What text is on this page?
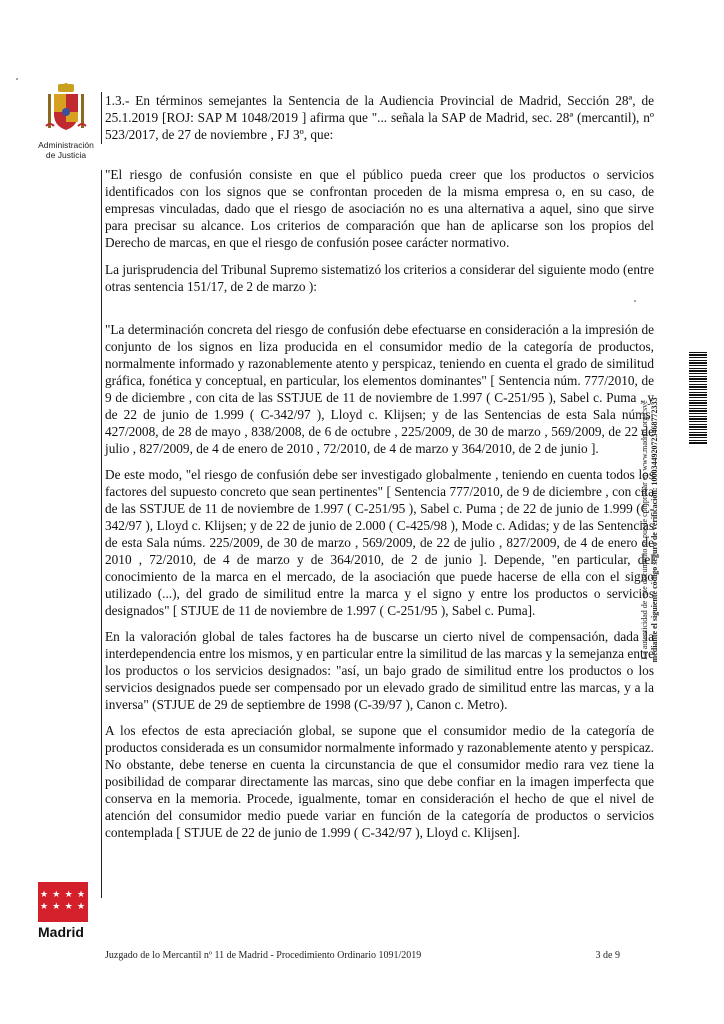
Administración
de Justicia
★ ★ ★ ★
★ ★ ★ ★
Madrid

1.3.- En términos semejantes la Sentencia de la Audiencia Provincial de Madrid, Sección 28ª, de 25.1.2019 [ROJ: SAP M 1048/2019 ] afirma que "... señala la SAP de Madrid, sec. 28ª (mercantil), nº 523/2017, de 27 de noviembre , FJ 3º, que:

"El riesgo de confusión consiste en que el público pueda creer que los productos o servicios identificados con los signos que se confrontan proceden de la misma empresa o, en su caso, de empresas vinculadas, dado que el riesgo de asociación no es una alternativa a aquel, sino que sirve para precisar su alcance. Los criterios de comparación que han de aplicarse son los propios del Derecho de marcas, en que el riesgo de confusión posee carácter normativo.

La jurisprudencia del Tribunal Supremo sistematizó los criterios a considerar del siguiente modo (entre otras sentencia 151/17, de 2 de marzo ):

"La determinación concreta del riesgo de confusión debe efectuarse en consideración a la impresión de conjunto de los signos en liza producida en el consumidor medio de la categoría de productos, normalmente informado y razonablemente atento y perspicaz, teniendo en cuenta el grado de similitud gráfica, fonética y conceptual, en particular, los elementos dominantes" [ Sentencia núm. 777/2010, de 9 de diciembre , con cita de las SSTJUE de 11 de noviembre de 1.997 ( C-251/95 ), Sabel c. Puma , y de 22 de junio de 1.999 ( C-342/97 ), Lloyd c. Klijsen; y de las Sentencias de esta Sala núms. 427/2008, de 28 de mayo , 838/2008, de 6 de octubre , 225/2009, de 30 de marzo , 569/2009, de 22 de julio , 827/2009, de 4 de enero de 2010 , 72/2010, de 4 de marzo y 364/2010, de 2 de junio ].

De este modo, "el riesgo de confusión debe ser investigado globalmente , teniendo en cuenta todos los factores del supuesto concreto que sean pertinentes" [ Sentencia 777/2010, de 9 de diciembre , con cita de las SSTJUE de 11 de noviembre de 1.997 ( C-251/95 ), Sabel c. Puma ; de 22 de junio de 1.999 (C-342/97 ), Lloyd c. Klijsen; y de 22 de junio de 2.000 ( C-425/98 ), Mode c. Adidas; y de las Sentencias de esta Sala núms. 225/2009, de 30 de marzo , 569/2009, de 22 de julio , 827/2009, de 4 de enero de 2010 , 72/2010, de 4 de marzo y de 364/2010, de 2 de junio ]. Depende, "en particular, del conocimiento de la marca en el mercado, de la asociación que puede hacerse de ella con el signo utilizado (...), del grado de similitud entre la marca y el signo y entre los productos o servicios designados" [ STJUE de 11 de noviembre de 1.997 ( C-251/95 ), Sabel c. Puma].

En la valoración global de tales factores ha de buscarse un cierto nivel de compensación, dada la interdependencia entre los mismos, y en particular entre la similitud de las marcas y la semejanza entre los productos o los servicios designados: "así, un bajo grado de similitud entre los productos o los servicios designados puede ser compensado por un elevado grado de similitud entre las marcas, y a la inversa" (STJUE de 29 de septiembre de 1998 (C-39/97 ), Canon c. Metro).

A los efectos de esta apreciación global, se supone que el consumidor medio de la categoría de productos considerada es un consumidor normalmente informado y razonablemente atento y perspicaz. No obstante, debe tenerse en cuenta la circunstancia de que el consumidor medio rara vez tiene la posibilidad de comparar directamente las marcas, sino que debe confiar en la imagen imperfecta que conserva en la memoria. Procede, igualmente, tomar en consideración el hecho de que el nivel de atención del consumidor medio puede variar en función de la categoría de productos o servicios contemplada [ STJUE de 22 de junio de 1.999 ( C-342/97 ), Lloyd c. Klijsen].

La autenticidad de este documento se puede comprobar en www.madrid.org/csve mediante el siguiente código seguro de verificación: 1000344920723468772333
Juzgado de lo Mercantil nº 11 de Madrid - Procedimiento Ordinario 1091/2019	3 de 9
